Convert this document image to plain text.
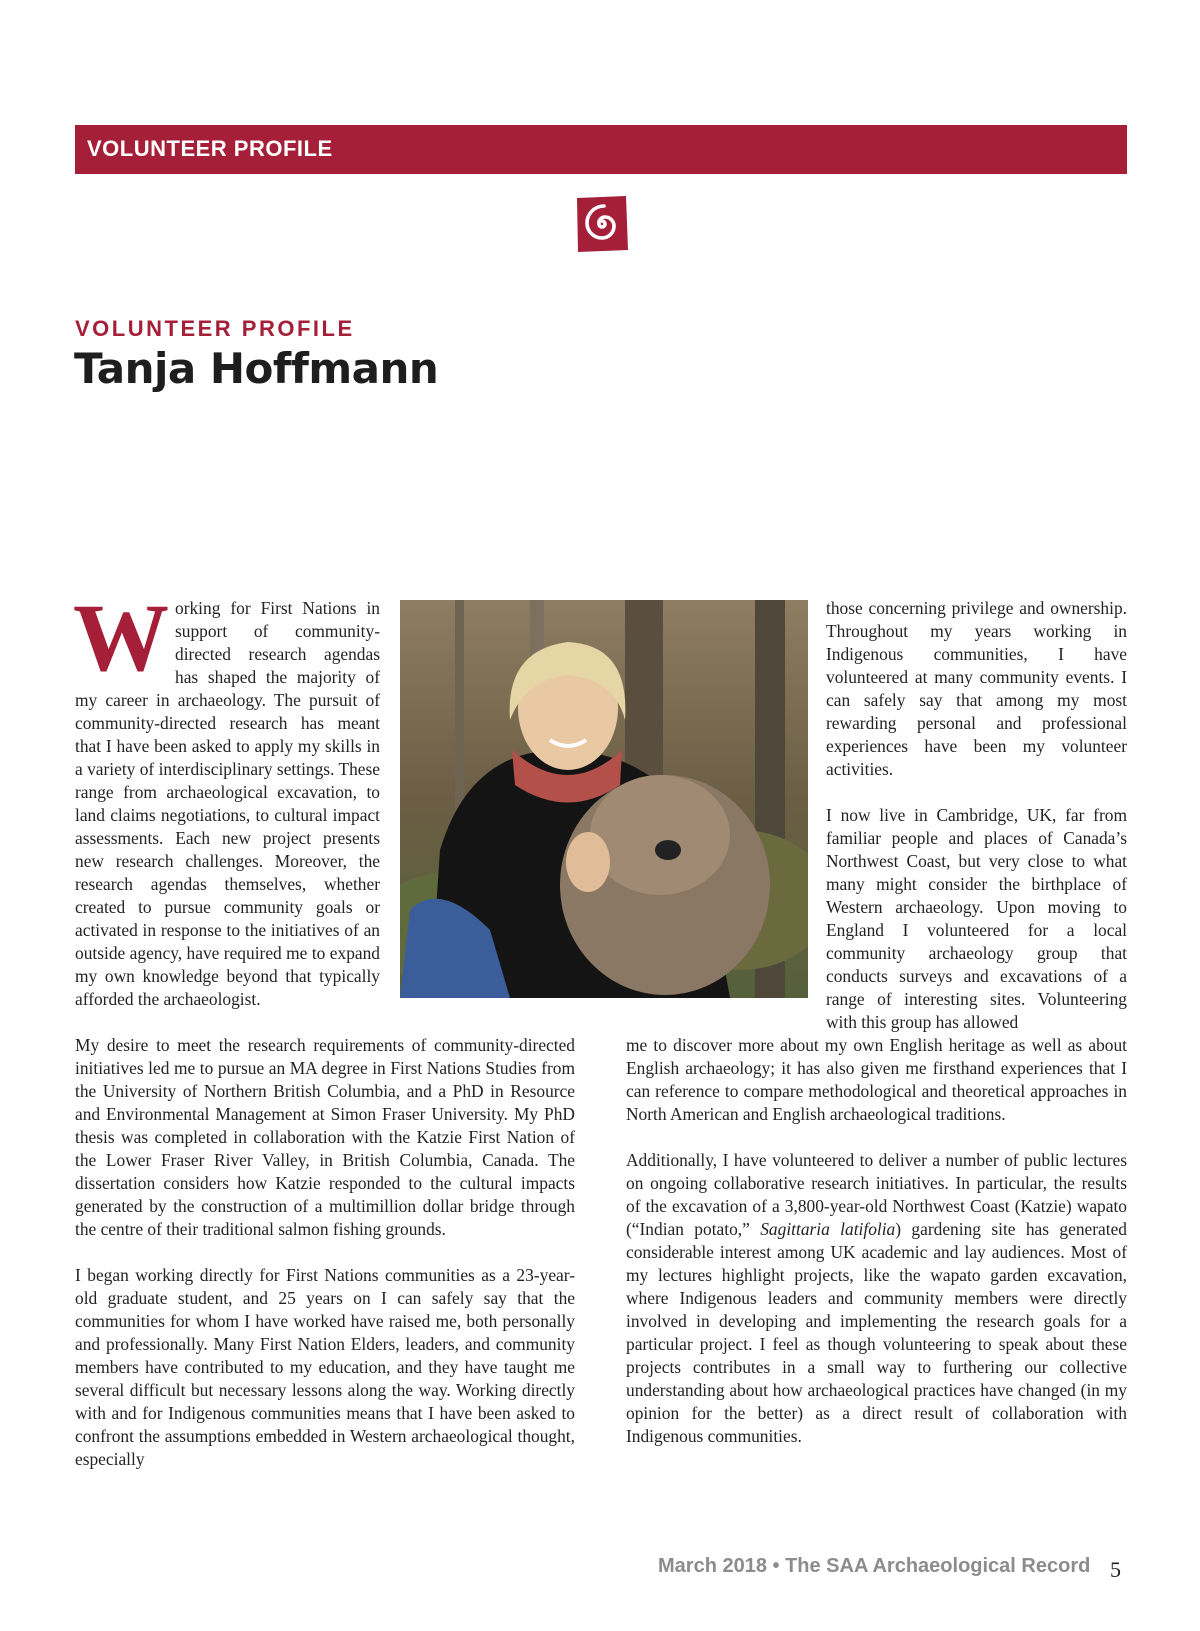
VOLUNTEER PROFILE
VOLUNTEER PROFILE
Tanja Hoffmann
W orking for First Nations in support of community-directed research agendas has shaped the majority of my career in archaeology. The pursuit of community-directed research has meant that I have been asked to apply my skills in a variety of interdisciplinary settings. These range from archaeological excavation, to land claims negotiations, to cultural impact assessments. Each new project presents new research challenges. Moreover, the research agendas themselves, whether created to pursue community goals or activated in response to the initiatives of an outside agency, have required me to expand my own knowledge beyond that typically afforded the archaeologist.

My desire to meet the research requirements of community-directed initiatives led me to pursue an MA degree in First Nations Studies from the University of Northern British Columbia, and a PhD in Resource and Environmental Management at Simon Fraser University. My PhD thesis was completed in collaboration with the Katzie First Nation of the Lower Fraser River Valley, in British Columbia, Canada. The dissertation considers how Katzie responded to the cultural impacts generated by the construction of a multimillion dollar bridge through the centre of their traditional salmon fishing grounds.

I began working directly for First Nations communities as a 23-year-old graduate student, and 25 years on I can safely say that the communities for whom I have worked have raised me, both personally and professionally. Many First Nation Elders, leaders, and community members have contributed to my education, and they have taught me several difficult but necessary lessons along the way. Working directly with and for Indigenous communities means that I have been asked to confront the assumptions embedded in Western archaeological thought, especially

those concerning privilege and ownership. Throughout my years working in Indigenous communities, I have volunteered at many community events. I can safely say that among my most rewarding personal and professional experiences have been my volunteer activities.

I now live in Cambridge, UK, far from familiar people and places of Canada’s Northwest Coast, but very close to what many might consider the birthplace of Western archaeology. Upon moving to England I volunteered for a local community archaeology group that conducts surveys and excavations of a range of interesting sites. Volunteering with this group has allowed

me to discover more about my own English heritage as well as about English archaeology; it has also given me firsthand experiences that I can reference to compare methodological and theoretical approaches in North American and English archaeological traditions.

Additionally, I have volunteered to deliver a number of public lectures on ongoing collaborative research initiatives. In particular, the results of the excavation of a 3,800-year-old Northwest Coast (Katzie) wapato (“Indian potato,” Sagittaria latifolia) gardening site has generated considerable interest among UK academic and lay audiences. Most of my lectures highlight projects, like the wapato garden excavation, where Indigenous leaders and community members were directly involved in developing and implementing the research goals for a particular project. I feel as though volunteering to speak about these projects contributes in a small way to furthering our collective understanding about how archaeological practices have changed (in my opinion for the better) as a direct result of collaboration with Indigenous communities.

March 2018 • The SAA Archaeological Record 5
